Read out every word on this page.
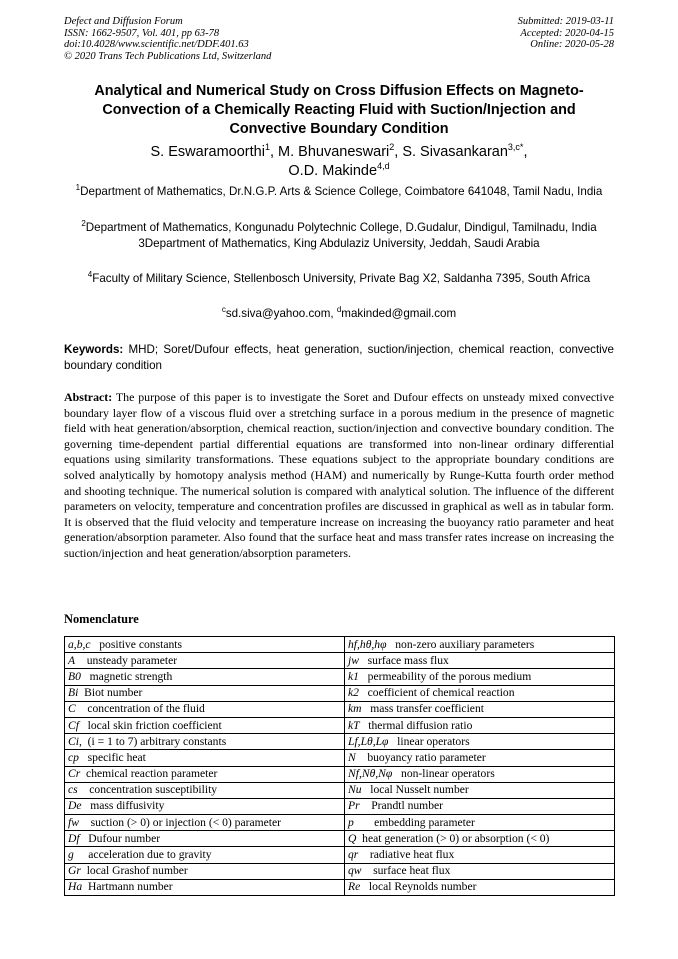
Defect and Diffusion Forum
ISSN: 1662-9507, Vol. 401, pp 63-78
doi:10.4028/www.scientific.net/DDF.401.63
© 2020 Trans Tech Publications Ltd, Switzerland
Submitted: 2019-03-11
Accepted: 2020-04-15
Online: 2020-05-28
Analytical and Numerical Study on Cross Diffusion Effects on Magneto-Convection of a Chemically Reacting Fluid with Suction/Injection and Convective Boundary Condition
S. Eswaramoorthi$^1$, M. Bhuvaneswari$^2$, S. Sivasankaran$^{3,c*}$,
O.D. Makinde$^{4,d}$
$^1$Department of Mathematics, Dr.N.G.P. Arts & Science College, Coimbatore 641048, Tamil Nadu, India
$^2$Department of Mathematics, Kongunadu Polytechnic College, D.Gudalur, Dindigul, Tamilnadu, India 3Department of Mathematics, King Abdulaziz University, Jeddah, Saudi Arabia
$^4$Faculty of Military Science, Stellenbosch University, Private Bag X2, Saldanha 7395, South Africa
$^c$sd.siva@yahoo.com, $^d$makinded@gmail.com
Keywords: MHD; Soret/Dufour effects, heat generation, suction/injection, chemical reaction, convective boundary condition
Abstract: The purpose of this paper is to investigate the Soret and Dufour effects on unsteady mixed convective boundary layer flow of a viscous fluid over a stretching surface in a porous medium in the presence of magnetic field with heat generation/absorption, chemical reaction, suction/injection and convective boundary condition. The governing time-dependent partial differential equations are transformed into non-linear ordinary differential equations using similarity transformations. These equations subject to the appropriate boundary conditions are solved analytically by homotopy analysis method (HAM) and numerically by Runge-Kutta fourth order method and shooting technique. The numerical solution is compared with analytical solution. The influence of the different parameters on velocity, temperature and concentration profiles are discussed in graphical as well as in tabular form. It is observed that the fluid velocity and temperature increase on increasing the buoyancy ratio parameter and heat generation/absorption parameter. Also found that the surface heat and mass transfer rates increase on increasing the suction/injection and heat generation/absorption parameters.
Nomenclature
a,b,c   positive constants	hf,hθ,hφ   non-zero auxiliary parameters
A    unsteady parameter	jw   surface mass flux
B0   magnetic strength	k1   permeability of the porous medium
Bi  Biot number	k2   coefficient of chemical reaction
C    concentration of the fluid	km   mass transfer coefficient
Cf   local skin friction coefficient	kT   thermal diffusion ratio
Ci,  (i = 1 to 7) arbitrary constants	Lf,Lθ,Lφ   linear operators
cp   specific heat	N    buoyancy ratio parameter
Cr  chemical reaction parameter	Nf,Nθ,Nφ   non-linear operators
cs    concentration susceptibility	Nu   local Nusselt number
De   mass diffusivity	Pr    Prandtl number
fw    suction (> 0) or injection (< 0) parameter	p       embedding parameter
Df   Dufour number	Q  heat generation (> 0) or absorption (< 0)
g     acceleration due to gravity	qr    radiative heat flux
Gr  local Grashof number	qw    surface heat flux
Ha  Hartmann number	Re   local Reynolds number
